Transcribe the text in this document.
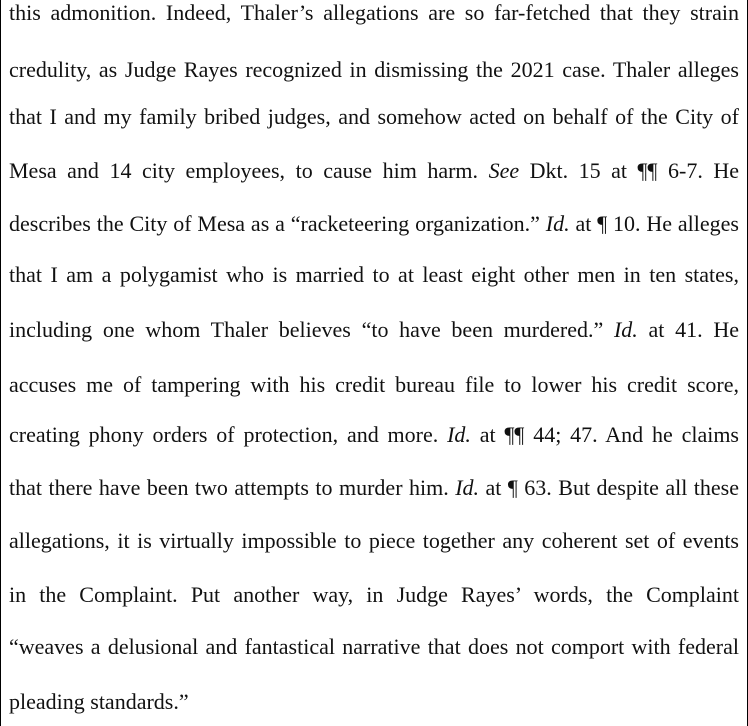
this admonition. Indeed, Thaler’s allegations are so far-fetched that they strain
credulity, as Judge Rayes recognized in dismissing the 2021 case. Thaler alleges
that I and my family bribed judges, and somehow acted on behalf of the City of
Mesa and 14 city employees, to cause him harm. See Dkt. 15 at ¶¶ 6-7. He
describes the City of Mesa as a “racketeering organization.” Id. at ¶ 10. He alleges
that I am a polygamist who is married to at least eight other men in ten states,
including one whom Thaler believes “to have been murdered.” Id. at 41. He
accuses me of tampering with his credit bureau file to lower his credit score,
creating phony orders of protection, and more. Id. at ¶¶ 44; 47. And he claims
that there have been two attempts to murder him. Id. at ¶ 63. But despite all these
allegations, it is virtually impossible to piece together any coherent set of events
in the Complaint. Put another way, in Judge Rayes’ words, the Complaint
“weaves a delusional and fantastical narrative that does not comport with federal
pleading standards.”
